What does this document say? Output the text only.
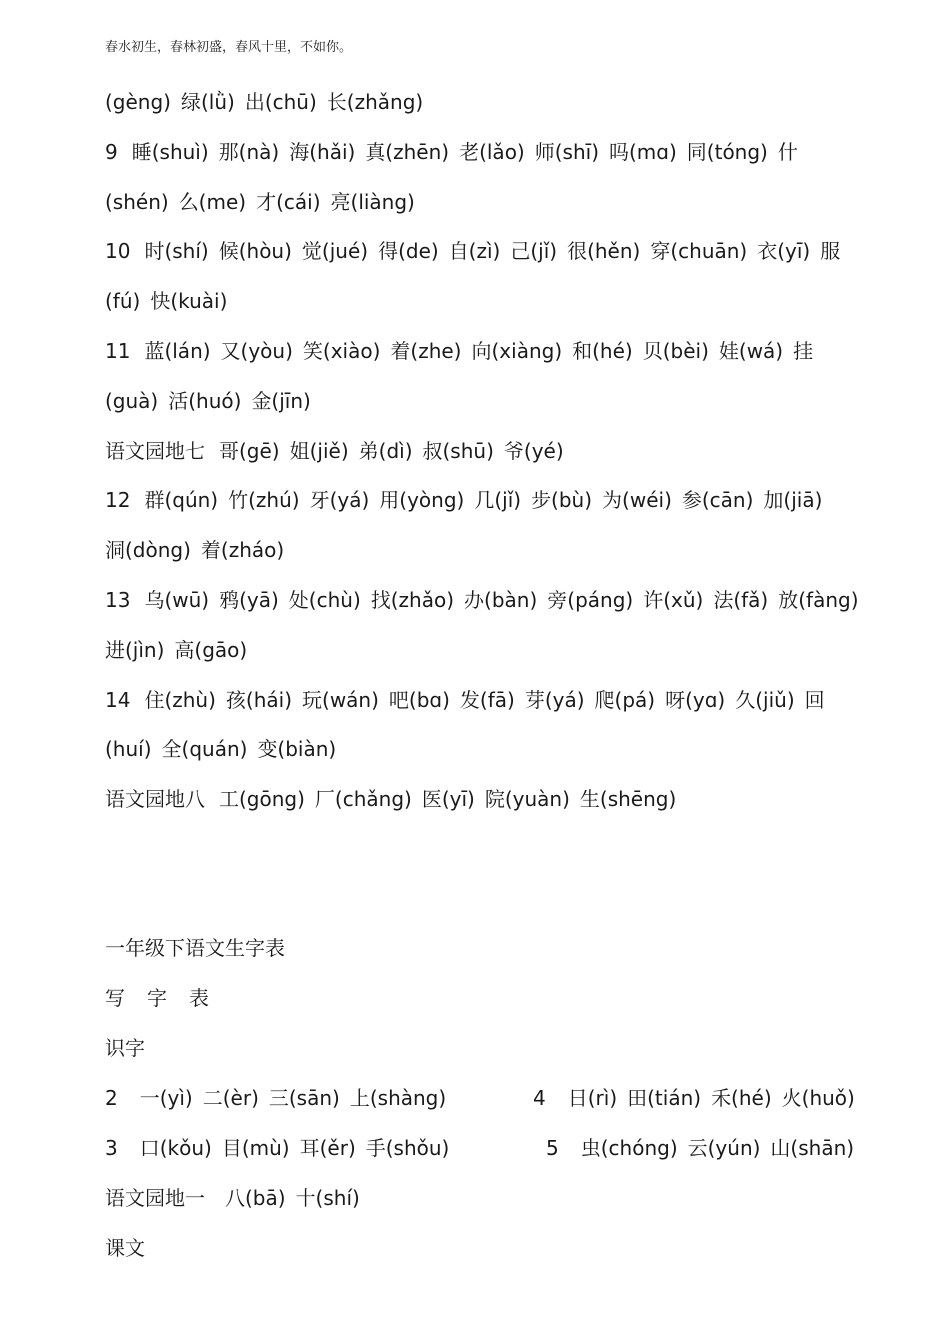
春水初生，春林初盛，春风十里，不如你。
(gèng) 绿(lǜ) 出(chū) 长(zhǎng)
9 睡(shuì) 那(nà) 海(hǎi) 真(zhēn) 老(lǎo) 师(shī) 吗(mɑ) 同(tóng) 什
(shén) 么(me) 才(cái) 亮(liàng)
10 时(shí) 候(hòu) 觉(jué) 得(de) 自(zì) 己(jǐ) 很(hěn) 穿(chuān) 衣(yī) 服
(fú) 快(kuài)
11 蓝(lán) 又(yòu) 笑(xiào) 着(zhe) 向(xiàng) 和(hé) 贝(bèi) 娃(wá) 挂
(guà) 活(huó) 金(jīn)
语文园地七 哥(gē) 姐(jiě) 弟(dì) 叔(shū) 爷(yé)
12 群(qún) 竹(zhú) 牙(yá) 用(yòng) 几(jǐ) 步(bù) 为(wéi) 参(cān) 加(jiā)
洞(dòng) 着(zháo)
13 乌(wū) 鸦(yā) 处(chù) 找(zhǎo) 办(bàn) 旁(páng) 许(xǔ) 法(fǎ) 放(fàng)
进(jìn) 高(gāo)
14 住(zhù) 孩(hái) 玩(wán) 吧(bɑ) 发(fā) 芽(yá) 爬(pá) 呀(yɑ) 久(jiǔ) 回
(huí) 全(quán) 变(biàn)
语文园地八 工(gōng) 厂(chǎng) 医(yī) 院(yuàn) 生(shēng)
一年级下语文生字表
写 字 表
识字
2 一(yì) 二(èr) 三(sān) 上(shàng)	4 日(rì) 田(tián) 禾(hé) 火(huǒ)
3 口(kǒu) 目(mù) 耳(ěr) 手(shǒu)	5 虫(chóng) 云(yún) 山(shān)
语文园地一 八(bā) 十(shí)
课文
